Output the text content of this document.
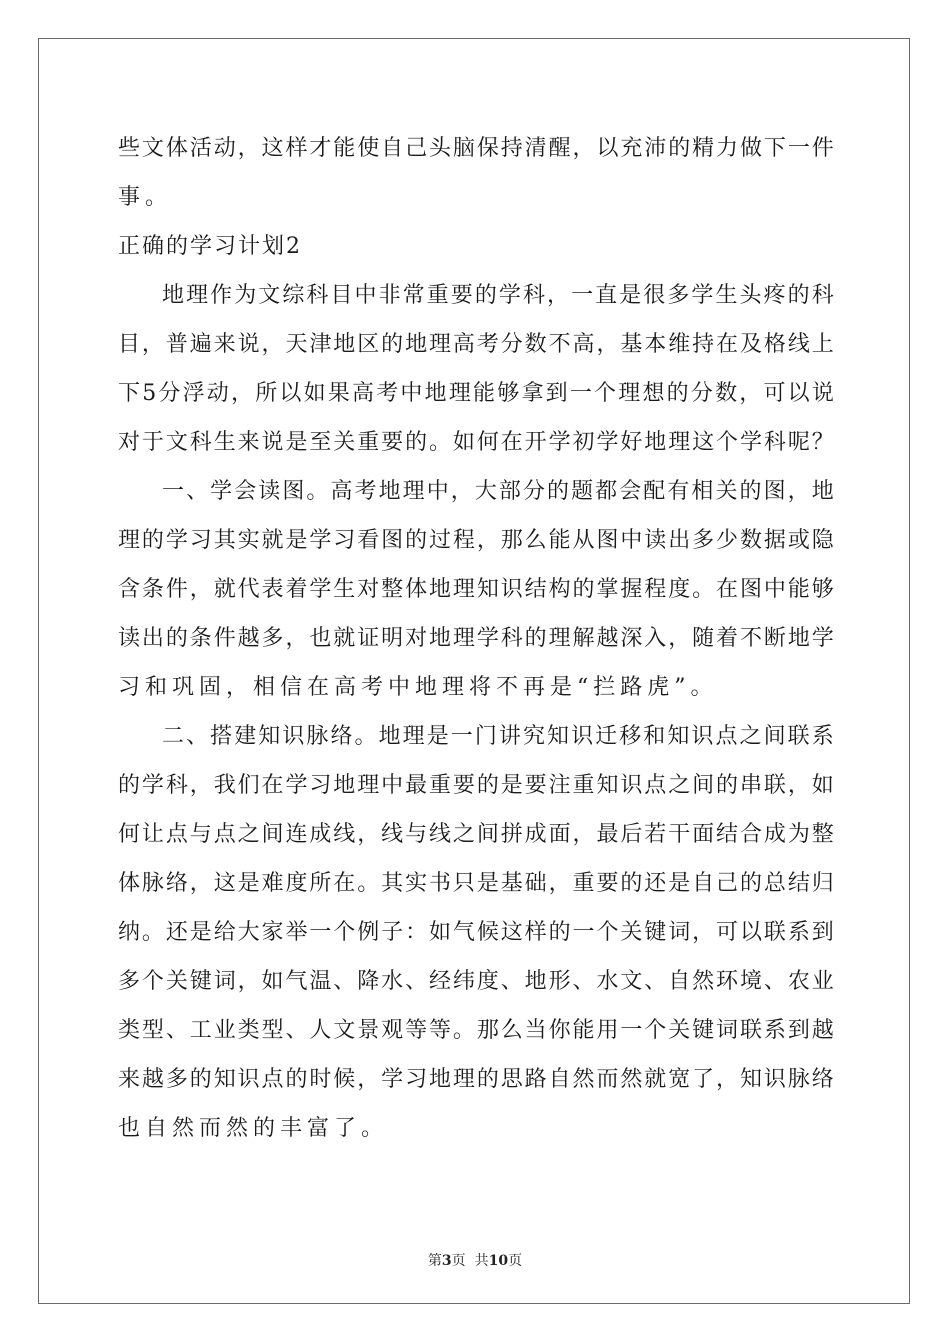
些 文 体 活 动 ， 这 样 才 能 使 自 己 头 脑 保 持 清 醒 ， 以 充 沛 的 精 力 做 下 一 件
事。
正确的学习计划2
地 理 作 为 文 综 科 目 中 非 常 重 要 的 学 科 ， 一 直 是 很 多 学 生 头 疼 的 科
目 ， 普 遍 来 说 ， 天 津 地 区 的 地 理 高 考 分 数 不 高 ， 基 本 维 持 在 及 格 线 上
下 5 分 浮 动 ， 所 以 如 果 高 考 中 地 理 能 够 拿 到 一 个 理 想 的 分 数 ， 可 以 说
对 于 文 科 生 来 说 是 至 关 重 要 的 。 如 何 在 开 学 初 学 好 地 理 这 个 学 科 呢 ？
一 、 学 会 读 图 。 高 考 地 理 中 ， 大 部 分 的 题 都 会 配 有 相 关 的 图 ， 地
理 的 学 习 其 实 就 是 学 习 看 图 的 过 程 ， 那 么 能 从 图 中 读 出 多 少 数 据 或 隐
含 条 件 ， 就 代 表 着 学 生 对 整 体 地 理 知 识 结 构 的 掌 握 程 度 。 在 图 中 能 够
读 出 的 条 件 越 多 ， 也 就 证 明 对 地 理 学 科 的 理 解 越 深 入 ， 随 着 不 断 地 学
习和巩固，相信在高考中地理将不再是“拦路虎”。
二 、 搭 建 知 识 脉 络 。 地 理 是 一 门 讲 究 知 识 迁 移 和 知 识 点 之 间 联 系
的 学 科 ， 我 们 在 学 习 地 理 中 最 重 要 的 是 要 注 重 知 识 点 之 间 的 串 联 ， 如
何 让 点 与 点 之 间 连 成 线 ， 线 与 线 之 间 拼 成 面 ， 最 后 若 干 面 结 合 成 为 整
体 脉 络 ， 这 是 难 度 所 在 。 其 实 书 只 是 基 础 ， 重 要 的 还 是 自 己 的 总 结 归
纳 。 还 是 给 大 家 举 一 个 例 子 ： 如 气 候 这 样 的 一 个 关 键 词 ， 可 以 联 系 到
多 个 关 键 词 ， 如 气 温 、 降 水 、 经 纬 度 、 地 形 、 水 文 、 自 然 环 境 、 农 业
类 型 、 工 业 类 型 、 人 文 景 观 等 等 。 那 么 当 你 能 用 一 个 关 键 词 联 系 到 越
来 越 多 的 知 识 点 的 时 候 ， 学 习 地 理 的 思 路 自 然 而 然 就 宽 了 ， 知 识 脉 络
也自然而然的丰富了。
第3页  共10页
